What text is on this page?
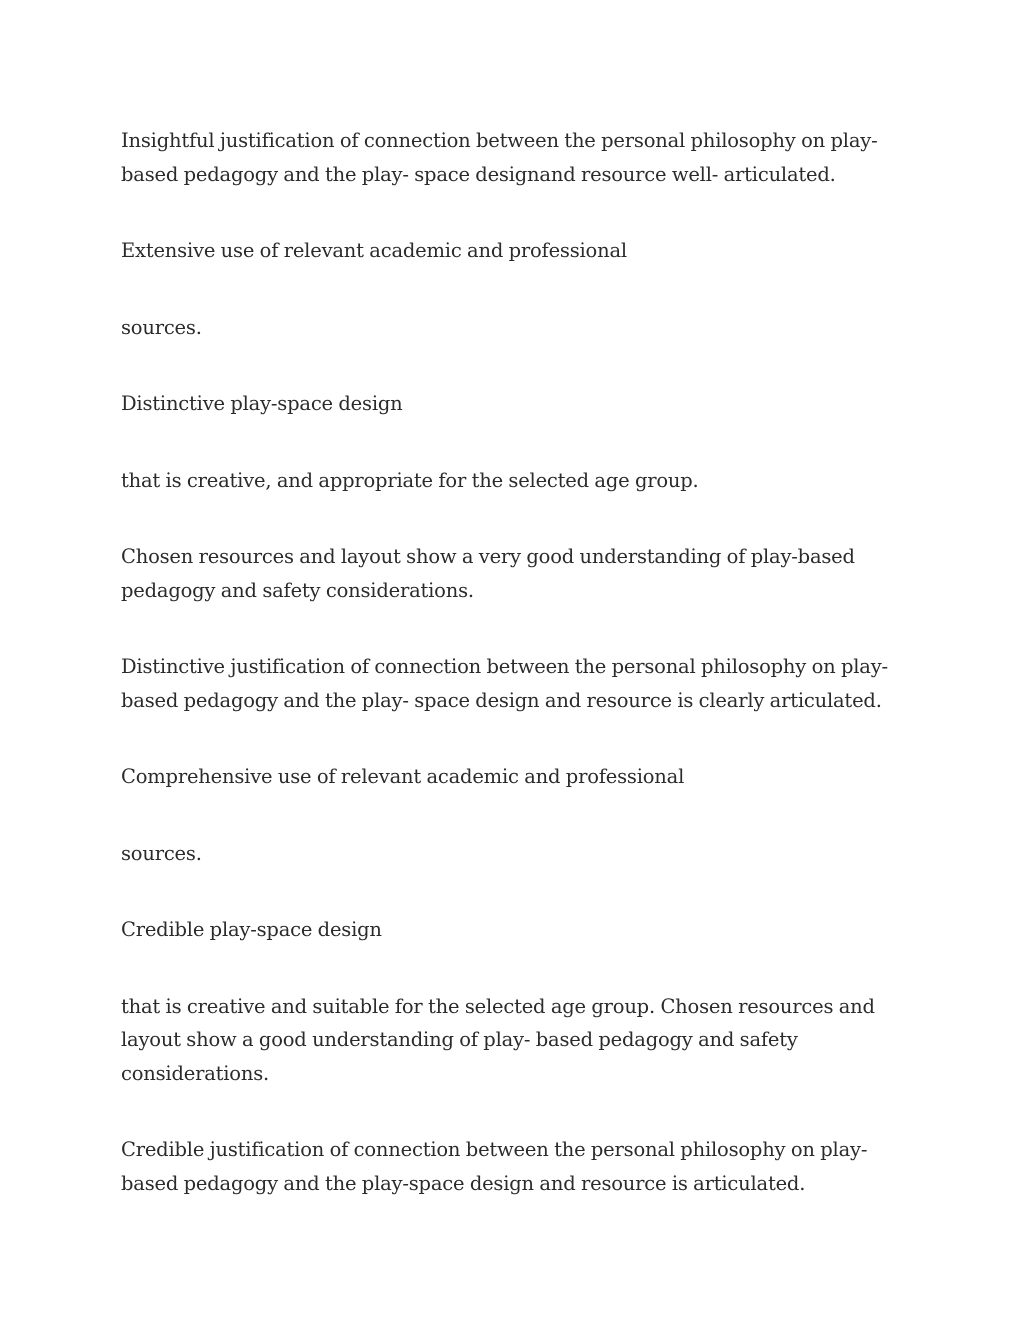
Insightful justification of connection between the personal philosophy on play- based pedagogy and the play- space designand resource well- articulated.

Extensive use of relevant academic and professional

sources.

Distinctive play-space design

that is creative, and appropriate for the selected age group.

Chosen resources and layout show a very good understanding of play-based pedagogy and safety considerations.

Distinctive justification of connection between the personal philosophy on play-based pedagogy and the play- space design and resource is clearly articulated.

Comprehensive use of relevant academic and professional

sources.

Credible play-space design

that is creative and suitable for the selected age group. Chosen resources and layout show a good understanding of play- based pedagogy and safety considerations.

Credible justification of connection between the personal philosophy on play-based pedagogy and the play-space design and resource is articulated.
